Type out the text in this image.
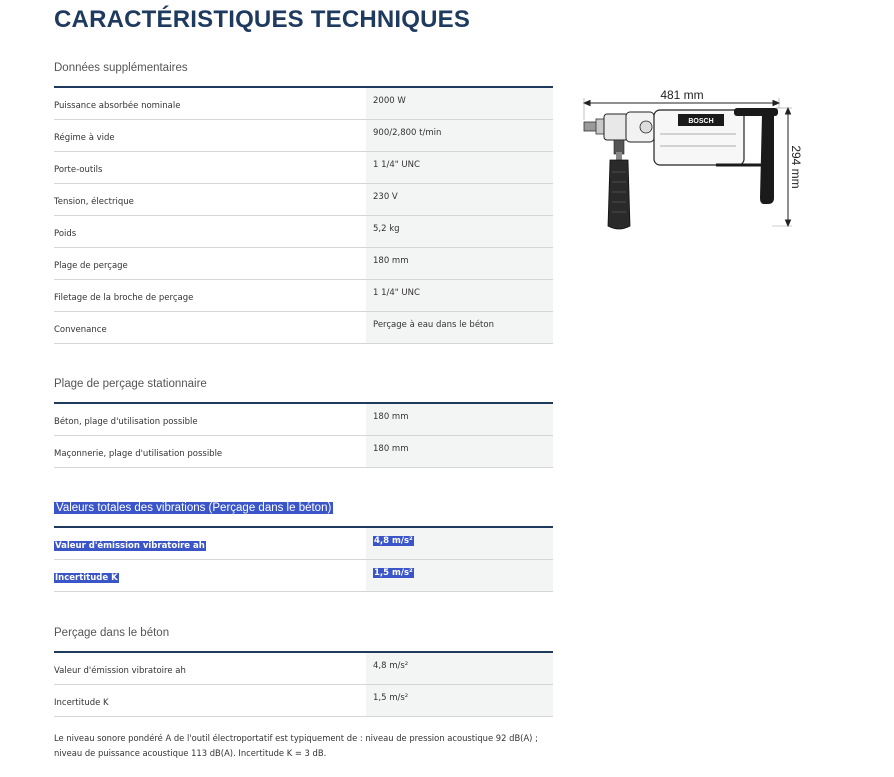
CARACTÉRISTIQUES TECHNIQUES
Données supplémentaires
Puissance absorbée nominale	2000 W
Régime à vide	900/2,800 t/min
Porte-outils	1 1/4" UNC
Tension, électrique	230 V
Poids	5,2 kg
Plage de perçage	180 mm
Filetage de la broche de perçage	1 1/4" UNC
Convenance	Perçage à eau dans le béton
Plage de perçage stationnaire
Béton, plage d'utilisation possible	180 mm
Maçonnerie, plage d'utilisation possible	180 mm
Valeurs totales des vibrations (Perçage dans le béton)
Valeur d'émission vibratoire ah	4,8 m/s²
Incertitude K	1,5 m/s²
Perçage dans le béton
Valeur d'émission vibratoire ah	4,8 m/s²
Incertitude K	1,5 m/s²
Le niveau sonore pondéré A de l'outil électroportatif est typiquement de : niveau de pression acoustique 92 dB(A) ; niveau de puissance acoustique 113 dB(A). Incertitude K = 3 dB.
481 mm
294 mm
BOSCH
